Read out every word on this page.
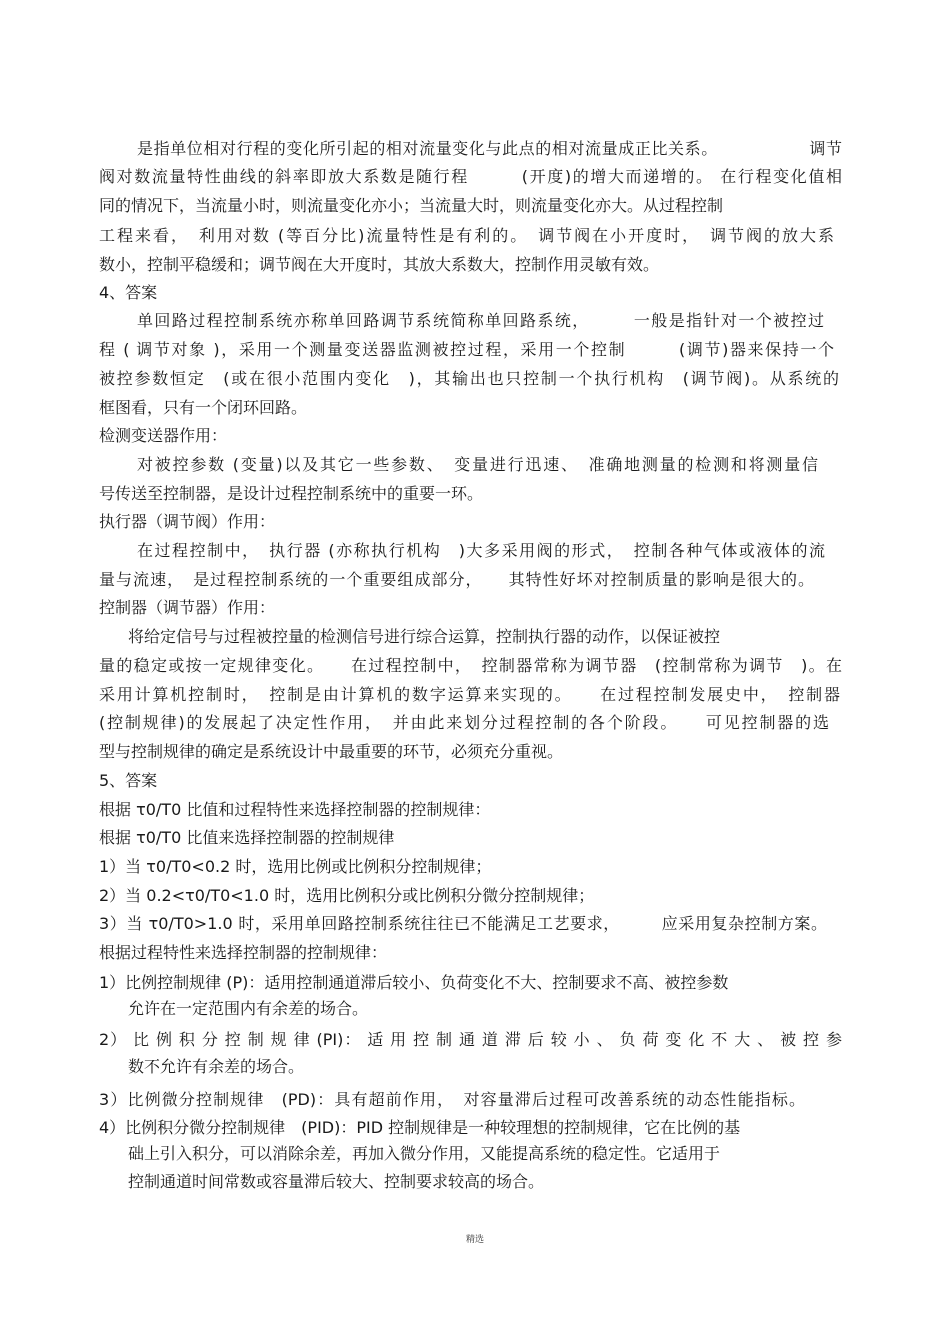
是指单位相对行程的变化所引起的相对流量变化与此点的相对流量成正比关系。　　　　　　调节
阀对数流量特性曲线的斜率即放大系数是随行程　　　(开度)的增大而递增的。 在行程变化值相
同的情况下，当流量小时，则流量变化亦小；当流量大时，则流量变化亦大。从过程控制
工程来看，　利用对数 (等百分比)流量特性是有利的。　调节阀在小开度时，　调节阀的放大系
数小，控制平稳缓和；调节阀在大开度时，其放大系数大，控制作用灵敏有效。
4、答案
单回路过程控制系统亦称单回路调节系统简称单回路系统，　　　一般是指针对一个被控过
程 ( 调节对象 )，采用一个测量变送器监测被控过程，采用一个控制　　　(调节)器来保持一个
被控参数恒定　(或在很小范围内变化　)，其输出也只控制一个执行机构　(调节阀)。从系统的
框图看，只有一个闭环回路。
检测变送器作用：
对被控参数 (变量)以及其它一些参数、　变量进行迅速、　准确地测量的检测和将测量信
号传送至控制器，是设计过程控制系统中的重要一环。
执行器（调节阀）作用：
在过程控制中，　执行器 (亦称执行机构　)大多采用阀的形式，　控制各种气体或液体的流
量与流速，　是过程控制系统的一个重要组成部分，　　其特性好坏对控制质量的影响是很大的。
控制器（调节器）作用：
将给定信号与过程被控量的检测信号进行综合运算，控制执行器的动作，以保证被控
量的稳定或按一定规律变化。　　在过程控制中，　控制器常称为调节器　(控制常称为调节　)。在
采用计算机控制时，　控制是由计算机的数字运算来实现的。　　在过程控制发展史中，　控制器
(控制规律)的发展起了决定性作用，　并由此来划分过程控制的各个阶段。　　可见控制器的选
型与控制规律的确定是系统设计中最重要的环节，必须充分重视。
5、答案
根据 τ0/T0 比值和过程特性来选择控制器的控制规律：
根据 τ0/T0 比值来选择控制器的控制规律
1）当 τ0/T0<0.2 时，选用比例或比例积分控制规律；
2）当 0.2<τ0/T0<1.0 时，选用比例积分或比例积分微分控制规律；
3）当 τ0/T0>1.0 时，采用单回路控制系统往往已不能满足工艺要求，　　　应采用复杂控制方案。
根据过程特性来选择控制器的控制规律：
1）比例控制规律 (P)：适用控制通道滞后较小、负荷变化不大、控制要求不高、被控参数
允许在一定范围内有余差的场合。
2） 比 例 积 分 控 制 规 律 (PI)： 适 用 控 制 通 道 滞 后 较 小 、 负 荷 变 化 不 大 、 被 控 参
数不允许有余差的场合。
3）比例微分控制规律　(PD)：具有超前作用，　对容量滞后过程可改善系统的动态性能指标。
4）比例积分微分控制规律　(PID)：PID 控制规律是一种较理想的控制规律，它在比例的基
础上引入积分，可以消除余差，再加入微分作用，又能提高系统的稳定性。它适用于
控制通道时间常数或容量滞后较大、控制要求较高的场合。
精选
